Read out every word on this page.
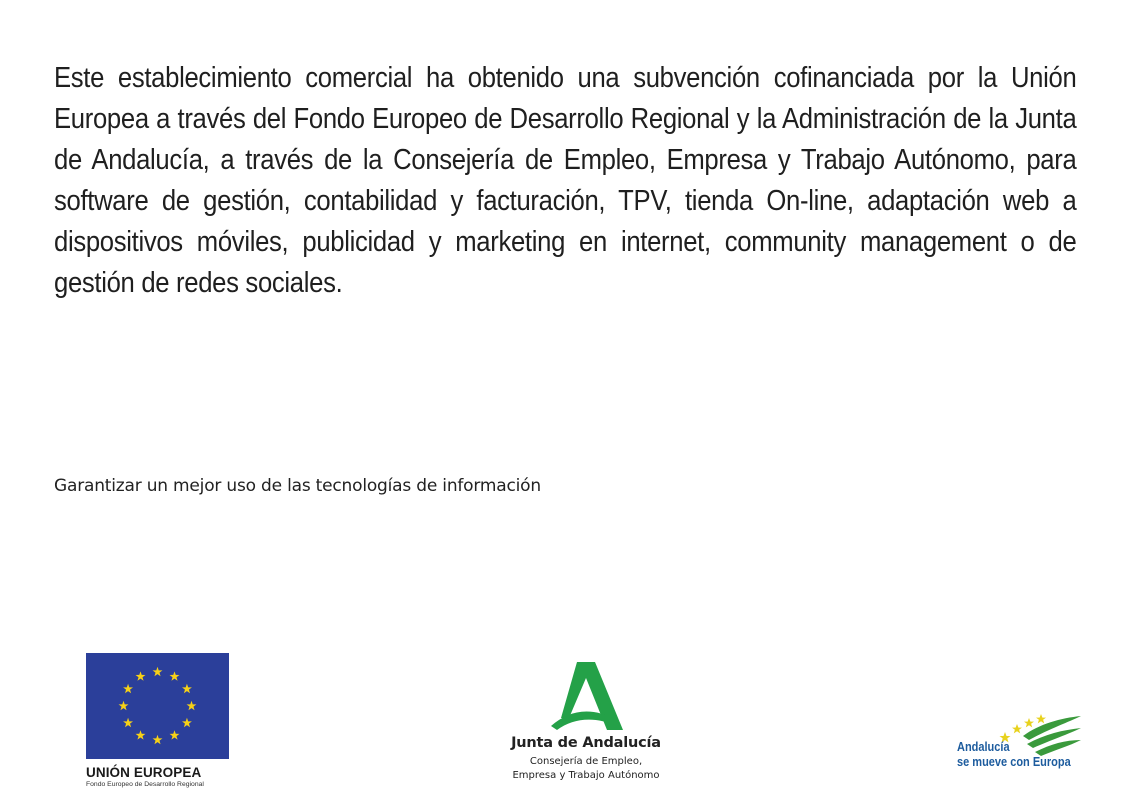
Este establecimiento comercial ha obtenido una subvención cofinanciada por la Unión Europea a través del Fondo Europeo de Desarrollo Regional y la Administración de la Junta de Andalucía, a través de la Consejería de Empleo, Empresa y Trabajo Autónomo, para software de gestión, contabilidad y facturación, TPV, tienda On-line, adaptación web a dispositivos móviles, publicidad y marketing en internet, community management o de gestión de redes sociales.

Garantizar un mejor uso de las tecnologías de información

UNIÓN EUROPEA
Fondo Europeo de Desarrollo Regional
Junta de Andalucía
Consejería de Empleo,
Empresa y Trabajo Autónomo
Andalucía
se mueve con Europa
